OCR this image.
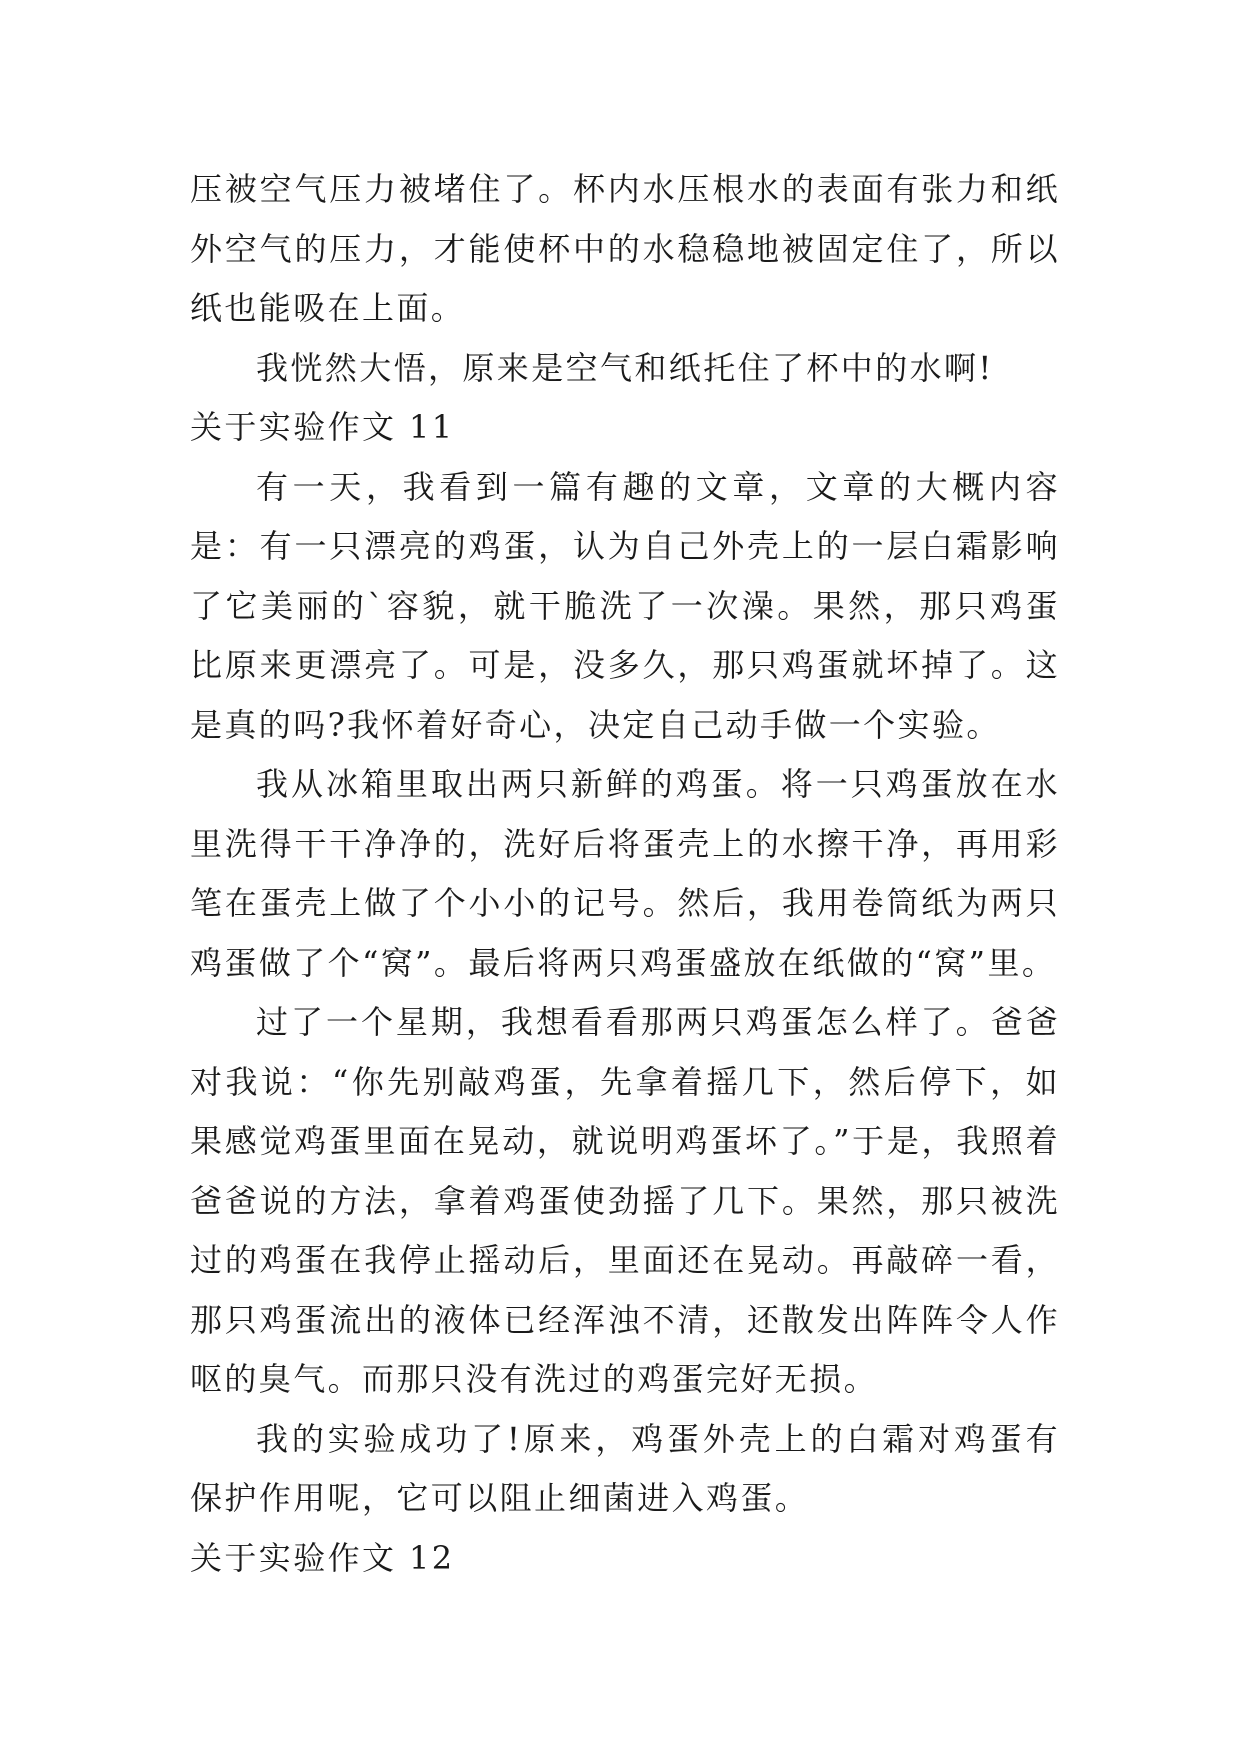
压被空气压力被堵住了。杯内水压根水的表面有张力和纸外空气的压力，才能使杯中的水稳稳地被固定住了，所以纸也能吸在上面。

我恍然大悟，原来是空气和纸托住了杯中的水啊!

关于实验作文 11

有一天，我看到一篇有趣的文章，文章的大概内容是：有一只漂亮的鸡蛋，认为自己外壳上的一层白霜影响了它美丽的`容貌，就干脆洗了一次澡。果然，那只鸡蛋比原来更漂亮了。可是，没多久，那只鸡蛋就坏掉了。这是真的吗?我怀着好奇心，决定自己动手做一个实验。

我从冰箱里取出两只新鲜的鸡蛋。将一只鸡蛋放在水里洗得干干净净的，洗好后将蛋壳上的水擦干净，再用彩笔在蛋壳上做了个小小的记号。然后，我用卷筒纸为两只鸡蛋做了个“窝”。最后将两只鸡蛋盛放在纸做的“窝”里。

过了一个星期，我想看看那两只鸡蛋怎么样了。爸爸对我说：“你先别敲鸡蛋，先拿着摇几下，然后停下，如果感觉鸡蛋里面在晃动，就说明鸡蛋坏了。”于是，我照着爸爸说的方法，拿着鸡蛋使劲摇了几下。果然，那只被洗过的鸡蛋在我停止摇动后，里面还在晃动。再敲碎一看，那只鸡蛋流出的液体已经浑浊不清，还散发出阵阵令人作呕的臭气。而那只没有洗过的鸡蛋完好无损。

我的实验成功了!原来，鸡蛋外壳上的白霜对鸡蛋有保护作用呢，它可以阻止细菌进入鸡蛋。

关于实验作文 12
